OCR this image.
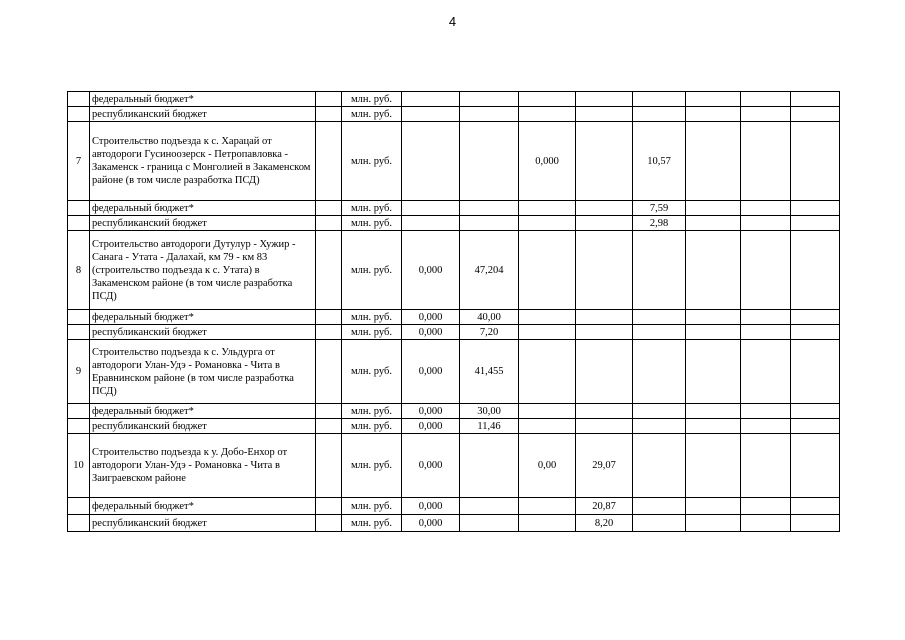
4
	федеральный бюджет*		млн. руб.								
	республиканский бюджет		млн. руб.								
7	Строительство подъезда к с. Харацай от автодороги Гусиноозерск - Петропавловка - Закаменск - граница с Монголией в Закаменском районе (в том числе разработка ПСД)		млн. руб.			0,000		10,57			
	федеральный бюджет*		млн. руб.					7,59			
	республиканский бюджет		млн. руб.					2,98			
8	Строительство автодороги Дутулур - Хужир - Санага - Утата - Далахай, км 79 - км 83 (строительство подъезда к с. Утата) в Закаменском районе (в том числе разработка ПСД)		млн. руб.	0,000	47,204						
	федеральный бюджет*		млн. руб.	0,000	40,00						
	республиканский бюджет		млн. руб.	0,000	7,20						
9	Строительство подъезда к с. Ульдурга от автодороги Улан-Удэ - Романовка - Чита в Еравнинском районе (в том числе разработка ПСД)		млн. руб.	0,000	41,455						
	федеральный бюджет*		млн. руб.	0,000	30,00						
	республиканский бюджет		млн. руб.	0,000	11,46						
10	Строительство подъезда к у. Добо-Енхор от автодороги Улан-Удэ - Романовка - Чита в Заиграевском районе		млн. руб.	0,000		0,00	29,07				
	федеральный бюджет*		млн. руб.	0,000			20,87				
	республиканский бюджет		млн. руб.	0,000			8,20				
